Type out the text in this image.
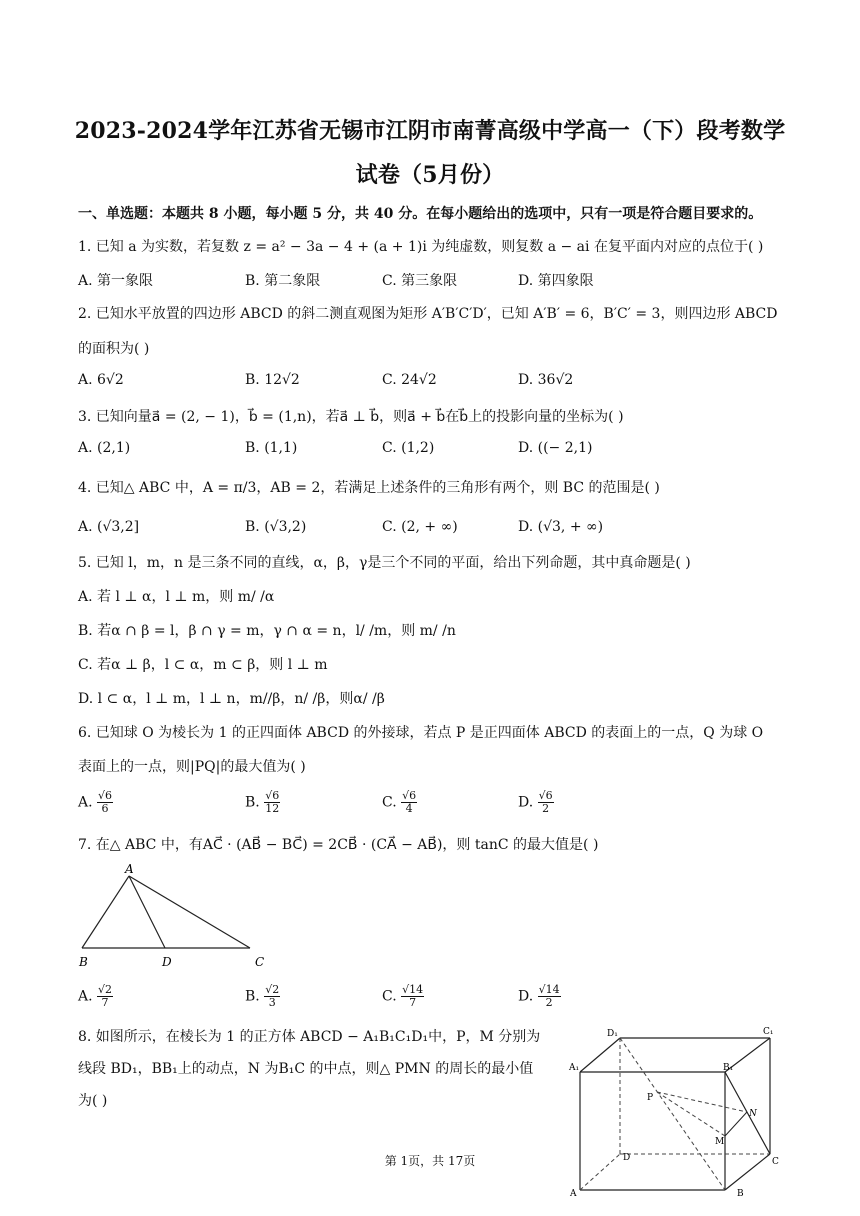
2023-2024学年江苏省无锡市江阴市南菁高级中学高一（下）段考数学
试卷（5月份）
一、单选题：本题共 8 小题，每小题 5 分，共 40 分。在每小题给出的选项中，只有一项是符合题目要求的。
1. 已知 a 为实数，若复数 z = a² − 3a − 4 + (a + 1)i 为纯虚数，则复数 a − ai 在复平面内对应的点位于( )
A. 第一象限	B. 第二象限	C. 第三象限	D. 第四象限
2. 已知水平放置的四边形 ABCD 的斜二测直观图为矩形 A′B′C′D′，已知 A′B′ = 6，B′C′ = 3，则四边形 ABCD
的面积为( )
A. 6√2	B. 12√2	C. 24√2	D. 36√2
3. 已知向量a⃗ = (2, − 1)，b⃗ = (1,n)，若a⃗ ⊥ b⃗，则a⃗ + b⃗在b⃗上的投影向量的坐标为( )
A. (2,1)	B. (1,1)	C. (1,2)	D. ((− 2,1)
4. 已知△ ABC 中，A = π/3，AB = 2，若满足上述条件的三角形有两个，则 BC 的范围是( )
A. (√3,2]	B. (√3,2)	C. (2, + ∞)	D. (√3, + ∞)
5. 已知 l，m，n 是三条不同的直线，α，β，γ是三个不同的平面，给出下列命题，其中真命题是( )
A. 若 l ⊥ α，l ⊥ m，则 m/ /α
B. 若α ∩ β = l，β ∩ γ = m，γ ∩ α = n，l/ /m，则 m/ /n
C. 若α ⊥ β，l ⊂ α，m ⊂ β，则 l ⊥ m
D. l ⊂ α，l ⊥ m，l ⊥ n，m//β，n/ /β，则α/ /β
6. 已知球 O 为棱长为 1 的正四面体 ABCD 的外接球，若点 P 是正四面体 ABCD 的表面上的一点，Q 为球 O
表面上的一点，则|PQ|的最大值为( )
A. $\frac{√6}{6}$	B. $\frac{√6}{12}$	C. $\frac{√6}{4}$	D. $\frac{√6}{2}$
7. 在△ ABC 中，有AC⃗ · (AB⃗ − BC⃗) = 2CB⃗ · (CA⃗ − AB⃗)，则 tanC 的最大值是( )
A
B	D	C
A. $\frac{√2}{7}$	B. $\frac{√2}{3}$	C. $\frac{√14}{7}$	D. $\frac{√14}{2}$
8. 如图所示，在棱长为 1 的正方体 ABCD − A₁B₁C₁D₁中，P，M 分别为
线段 BD₁，BB₁上的动点，N 为B₁C 的中点，则△ PMN 的周长的最小值
为( )
D₁	C₁
A₁	B₁
P
N
M
D	C
A	B
第 1页，共 17页
